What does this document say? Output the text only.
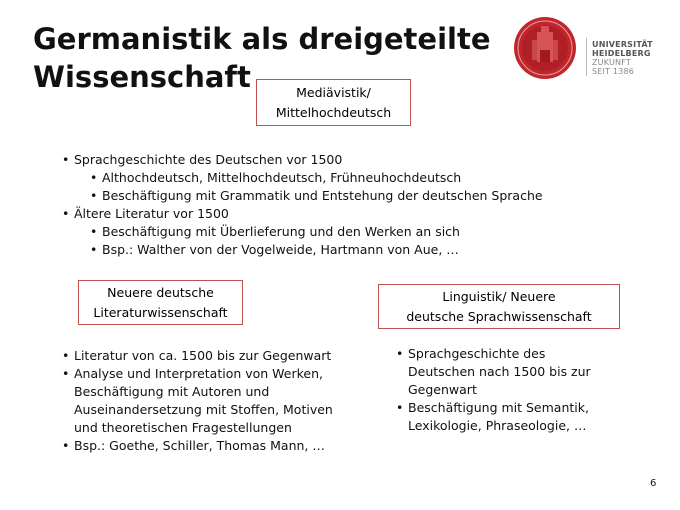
Germanistik als dreigeteilte
Wissenschaft
UNIVERSITÄT
HEIDELBERG
ZUKUNFT
SEIT 1386
Mediävistik/
Mittelhochdeutsch
• Sprachgeschichte des Deutschen vor 1500
• Althochdeutsch, Mittelhochdeutsch, Frühneuhochdeutsch
• Beschäftigung mit Grammatik und Entstehung der deutschen Sprache
• Ältere Literatur vor 1500
• Beschäftigung mit Überlieferung und den Werken an sich
• Bsp.: Walther von der Vogelweide, Hartmann von Aue, …
Neuere deutsche
Literaturwissenschaft
Linguistik/ Neuere
deutsche Sprachwissenschaft
• Literatur von ca. 1500 bis zur Gegenwart
• Analyse und Interpretation von Werken, Beschäftigung mit Autoren und Auseinandersetzung mit Stoffen, Motiven und theoretischen Fragestellungen
• Bsp.: Goethe, Schiller, Thomas Mann, …
• Sprachgeschichte des Deutschen nach 1500 bis zur Gegenwart
• Beschäftigung mit Semantik, Lexikologie, Phraseologie, …
6
